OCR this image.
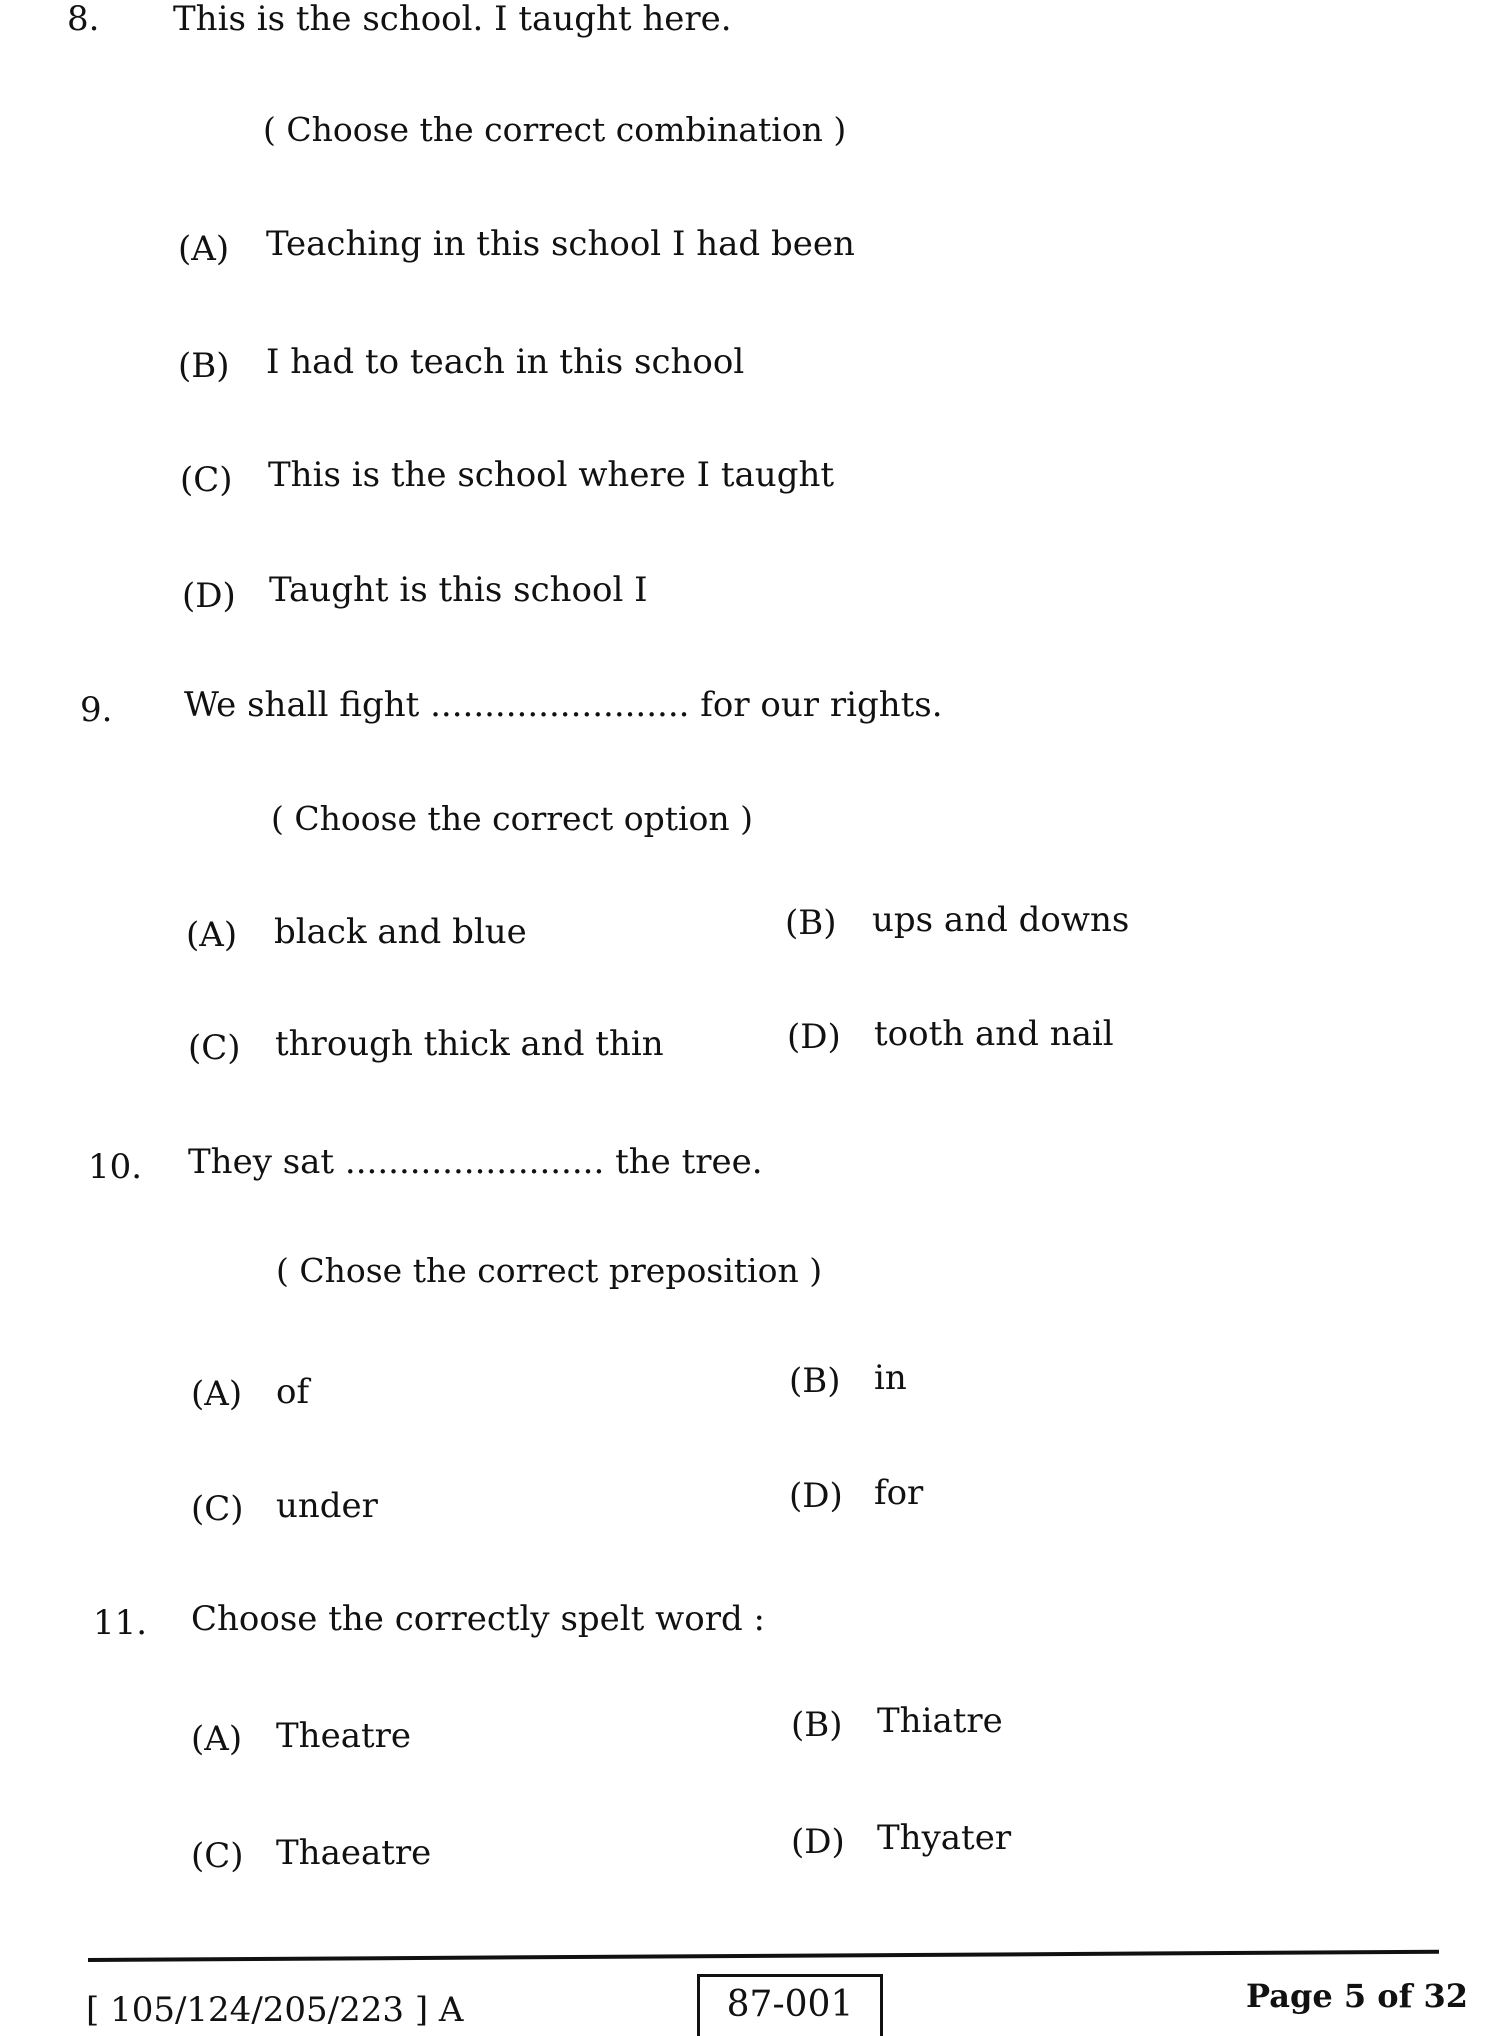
8. This is the school. I taught here.
( Choose the correct combination )
(A) Teaching in this school I had been
(B) I had to teach in this school
(C) This is the school where I taught
(D) Taught is this school I
9. We shall fight ........................ for our rights.
( Choose the correct option )
(A) black and blue	(B) ups and downs
(C) through thick and thin	(D) tooth and nail
10. They sat ........................ the tree.
( Chose the correct preposition )
(A) of	(B) in
(C) under	(D) for
11. Choose the correctly spelt word :
(A) Theatre	(B) Thiatre
(C) Thaeatre	(D) Thyater
[ 105/124/205/223 ] A	87-001	Page 5 of 32
